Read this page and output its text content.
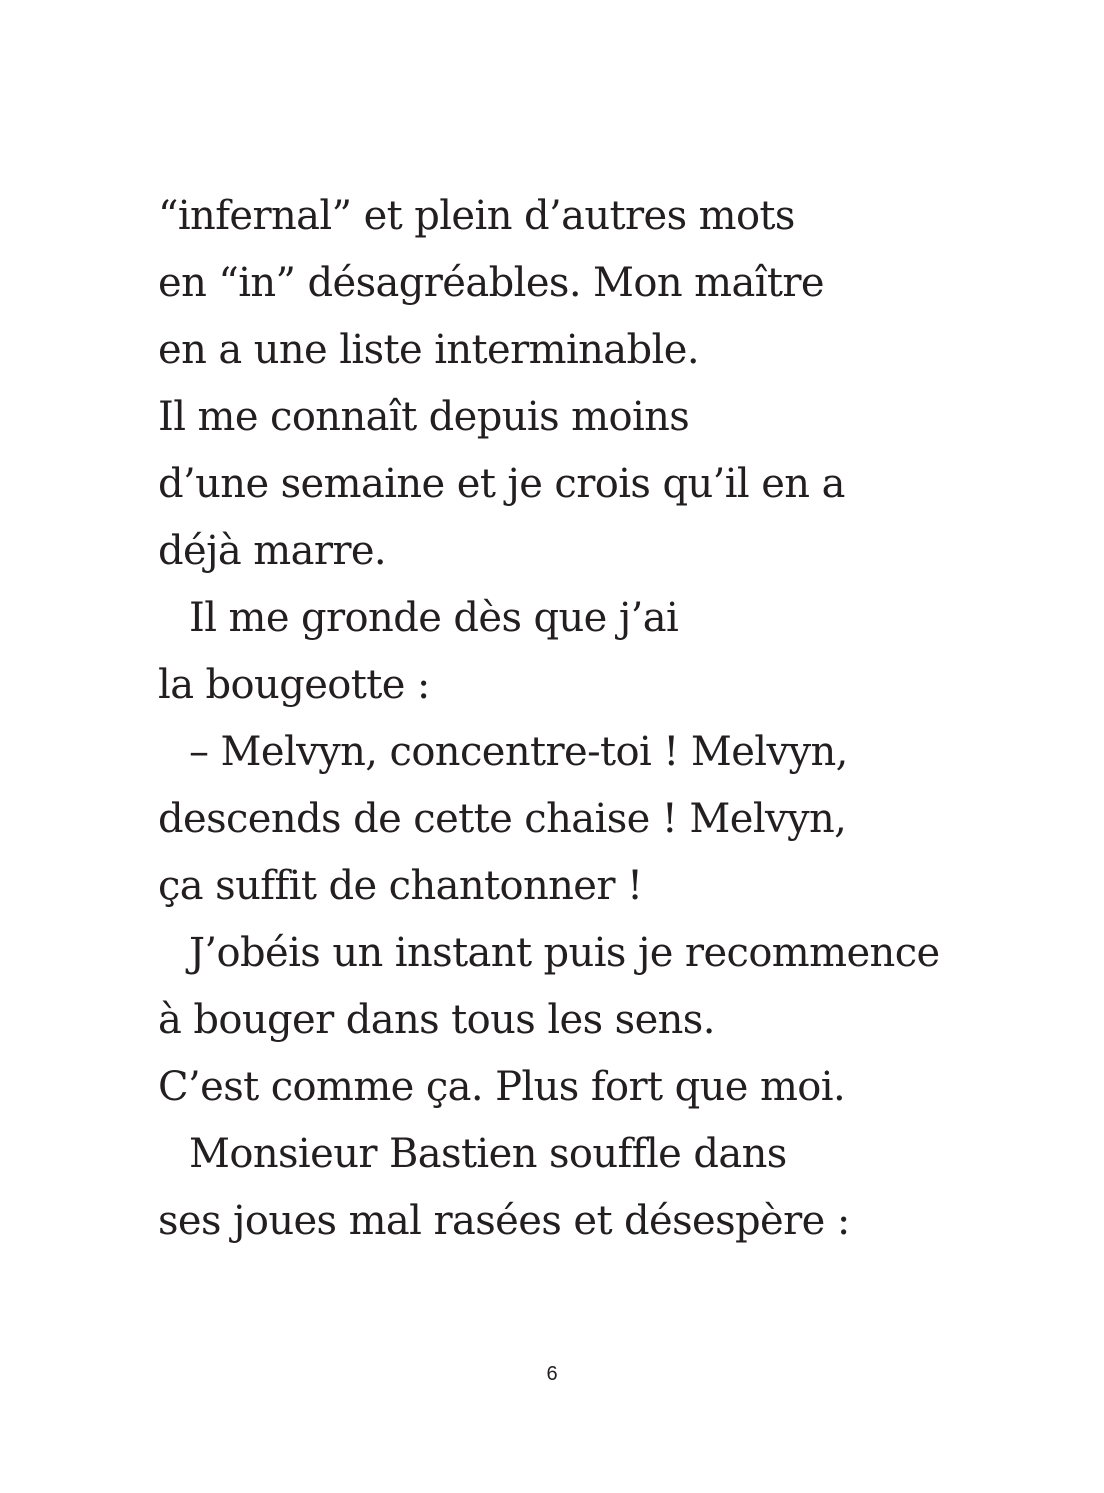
“infernal” et plein d’autres mots
en “in” désagréables. Mon maître
en a une liste interminable.
Il me connaît depuis moins
d’une semaine et je crois qu’il en a
déjà marre.
Il me gronde dès que j’ai
la bougeotte :
– Melvyn, concentre-toi ! Melvyn,
descends de cette chaise ! Melvyn,
ça suffit de chantonner !
J’obéis un instant puis je recommence
à bouger dans tous les sens.
C’est comme ça. Plus fort que moi.
Monsieur Bastien souffle dans
ses joues mal rasées et désespère :
6
